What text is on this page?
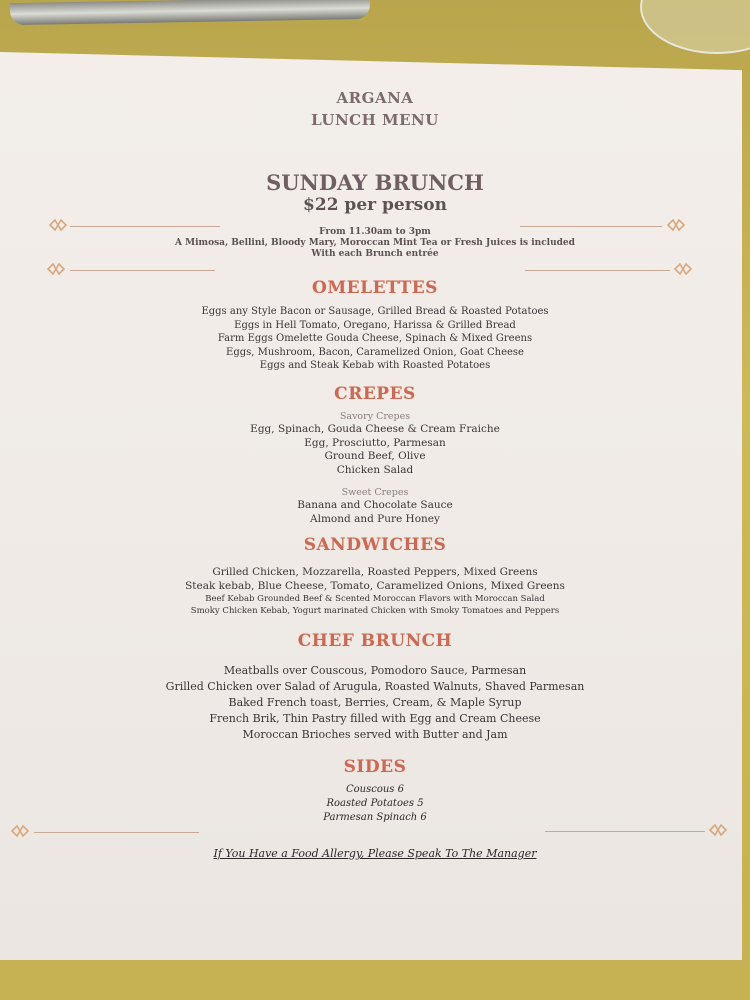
ARGANA
LUNCH MENU
SUNDAY BRUNCH
$22 per person
From 11.30am to 3pm
A Mimosa, Bellini, Bloody Mary, Moroccan Mint Tea or Fresh Juices is included
With each Brunch entrée
OMELETTES
Eggs any Style Bacon or Sausage, Grilled Bread & Roasted Potatoes
Eggs in Hell Tomato, Oregano, Harissa & Grilled Bread
Farm Eggs Omelette Gouda Cheese, Spinach & Mixed Greens
Eggs, Mushroom, Bacon, Caramelized Onion, Goat Cheese
Eggs and Steak Kebab with Roasted Potatoes
CREPES
Savory Crepes
Egg, Spinach, Gouda Cheese & Cream Fraiche
Egg, Prosciutto, Parmesan
Ground Beef, Olive
Chicken Salad
Sweet Crepes
Banana and Chocolate Sauce
Almond and Pure Honey
SANDWICHES
Grilled Chicken, Mozzarella, Roasted Peppers, Mixed Greens
Steak kebab, Blue Cheese, Tomato, Caramelized Onions, Mixed Greens
Beef Kebab Grounded Beef & Scented Moroccan Flavors with Moroccan Salad
Smoky Chicken Kebab, Yogurt marinated Chicken with Smoky Tomatoes and Peppers
CHEF BRUNCH
Meatballs over Couscous, Pomodoro Sauce, Parmesan
Grilled Chicken over Salad of Arugula, Roasted Walnuts, Shaved Parmesan
Baked French toast, Berries, Cream, & Maple Syrup
French Brik, Thin Pastry filled with Egg and Cream Cheese
Moroccan Brioches served with Butter and Jam
SIDES
Couscous 6
Roasted Potatoes 5
Parmesan Spinach 6
If You Have a Food Allergy, Please Speak To The Manager
